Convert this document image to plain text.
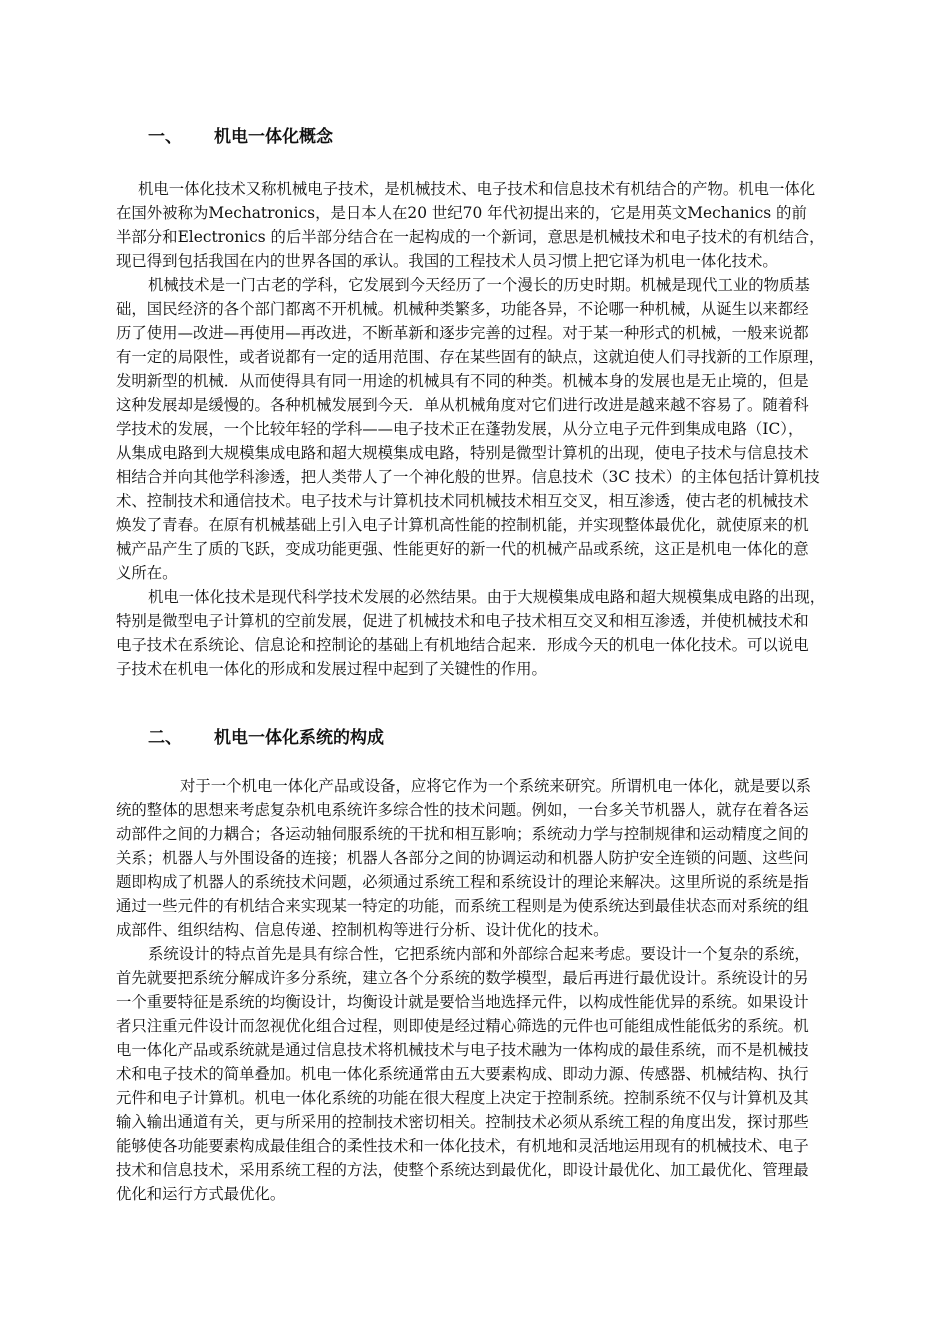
一、 机电一体化概念
机电一体化技术又称机械电子技术，是机械技术、电子技术和信息技术有机结合的产物。机电一体化
在国外被称为Mechatronics，是日本人在20 世纪70 年代初提出来的，它是用英文Mechanics 的前
半部分和Electronics 的后半部分结合在一起构成的一个新词，意思是机械技术和电子技术的有机结合，
现已得到包括我国在内的世界各国的承认。我国的工程技术人员习惯上把它译为机电一体化技术。
机械技术是一门古老的学科，它发展到今天经历了一个漫长的历史时期。机械是现代工业的物质基
础，国民经济的各个部门都离不开机械。机械种类繁多，功能各异，不论哪一种机械，从诞生以来都经
历了使用—改进—再使用—再改进，不断革新和逐步完善的过程。对于某一种形式的机械，一般来说都
有一定的局限性，或者说都有一定的适用范围、存在某些固有的缺点，这就迫使人们寻找新的工作原理，
发明新型的机械．从而使得具有同一用途的机械具有不同的种类。机械本身的发展也是无止境的，但是
这种发展却是缓慢的。各种机械发展到今天．单从机械角度对它们进行改进是越来越不容易了。随着科
学技术的发展，一个比较年轻的学科——电子技术正在蓬勃发展，从分立电子元件到集成电路（IC），
从集成电路到大规模集成电路和超大规模集成电路，特别是微型计算机的出现，使电子技术与信息技术
相结合并向其他学科渗透，把人类带人了一个神化般的世界。信息技术（3C 技术）的主体包括计算机技
术、控制技术和通信技术。电子技术与计算机技术同机械技术相互交叉，相互渗透，使古老的机械技术
焕发了青春。在原有机械基础上引入电子计算机高性能的控制机能，并实现整体最优化，就使原来的机
械产品产生了质的飞跃，变成功能更强、性能更好的新一代的机械产品或系统，这正是机电一体化的意
义所在。
机电一体化技术是现代科学技术发展的必然结果。由于大规模集成电路和超大规模集成电路的出现，
特别是微型电子计算机的空前发展，促进了机械技术和电子技术相互交叉和相互渗透，并使机械技术和
电子技术在系统论、信息论和控制论的基础上有机地结合起来．形成今天的机电一体化技术。可以说电
子技术在机电一体化的形成和发展过程中起到了关键性的作用。
二、 机电一体化系统的构成
对于一个机电一体化产品或设备，应将它作为一个系统来研究。所谓机电一体化，就是要以系
统的整体的思想来考虑复杂机电系统许多综合性的技术问题。例如，一台多关节机器人，就存在着各运
动部件之间的力耦合；各运动轴伺服系统的干扰和相互影响；系统动力学与控制规律和运动精度之间的
关系；机器人与外围设备的连接；机器人各部分之间的协调运动和机器人防护安全连锁的问题、这些问
题即构成了机器人的系统技术问题，必须通过系统工程和系统设计的理论来解决。这里所说的系统是指
通过一些元件的有机结合来实现某一特定的功能，而系统工程则是为使系统达到最佳状态而对系统的组
成部件、组织结构、信息传递、控制机构等进行分析、设计优化的技术。
系统设计的特点首先是具有综合性，它把系统内部和外部综合起来考虑。要设计一个复杂的系统，
首先就要把系统分解成许多分系统，建立各个分系统的数学模型，最后再进行最优设计。系统设计的另
一个重要特征是系统的均衡设计，均衡设计就是要恰当地选择元件，以构成性能优异的系统。如果设计
者只注重元件设计而忽视优化组合过程，则即使是经过精心筛选的元件也可能组成性能低劣的系统。机
电一体化产品或系统就是通过信息技术将机械技术与电子技术融为一体构成的最佳系统，而不是机械技
术和电子技术的简单叠加。机电一体化系统通常由五大要素构成、即动力源、传感器、机械结构、执行
元件和电子计算机。机电一体化系统的功能在很大程度上决定于控制系统。控制系统不仅与计算机及其
输入输出通道有关，更与所采用的控制技术密切相关。控制技术必须从系统工程的角度出发，探讨那些
能够使各功能要素构成最佳组合的柔性技术和一体化技术，有机地和灵活地运用现有的机械技术、电子
技术和信息技术，采用系统工程的方法，使整个系统达到最优化，即设计最优化、加工最优化、管理最
优化和运行方式最优化。
